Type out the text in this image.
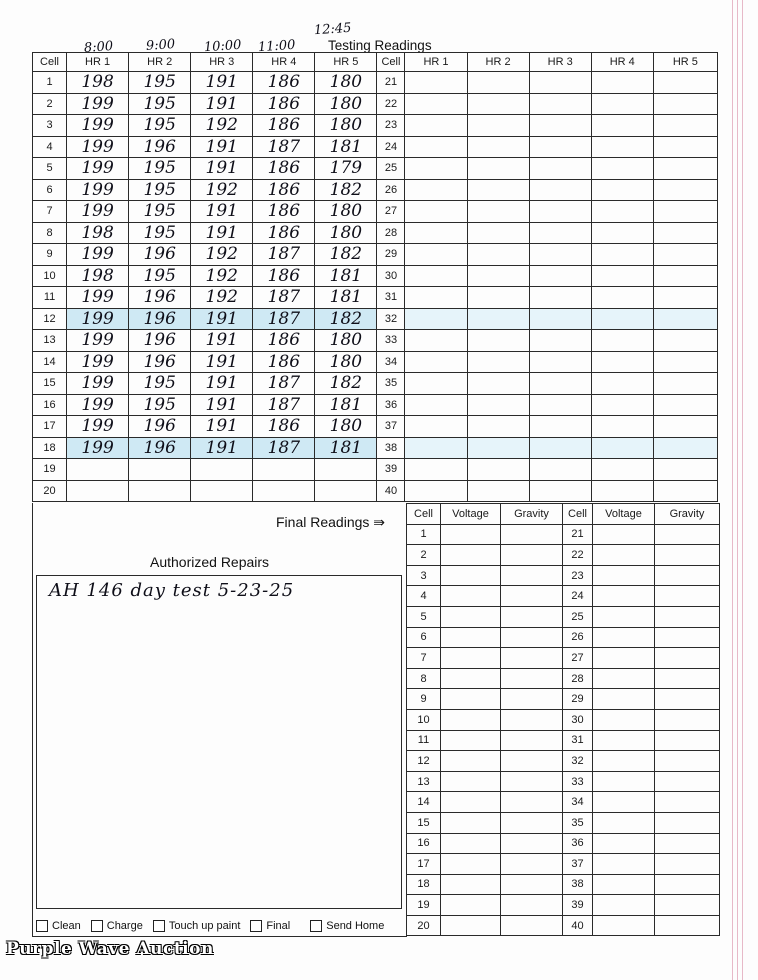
8:00 9:00 10:00 11:00
12:45
Testing Readings
Cell	HR 1	HR 2	HR 3	HR 4	HR 5	Cell	HR 1	HR 2	HR 3	HR 4	HR 5
1	198	195	191	186	180	21					
2	199	195	191	186	180	22					
3	199	195	192	186	180	23					
4	199	196	191	187	181	24					
5	199	195	191	186	179	25					
6	199	195	192	186	182	26					
7	199	195	191	186	180	27					
8	198	195	191	186	180	28					
9	199	196	192	187	182	29					
10	198	195	192	186	181	30					
11	199	196	192	187	181	31					
12	199	196	191	187	182	32					
13	199	196	191	186	180	33					
14	199	196	191	186	180	34					
15	199	195	191	187	182	35					
16	199	195	191	187	181	36					
17	199	196	191	186	180	37					
18	199	196	191	187	181	38					
19						39					
20						40					
Final Readings ⇛
Cell	Voltage	Gravity	Cell	Voltage	Gravity
1			21		
2			22		
3			23		
4			24		
5			25		
6			26		
7			27		
8			28		
9			29		
10			30		
11			31		
12			32		
13			33		
14			34		
15			35		
16			36		
17			37		
18			38		
19			39		
20			40		
Authorized Repairs
AH 146 day test 5-23-25
Clean Charge Touch up paint Final	Send Home
Purple Wave Auction
